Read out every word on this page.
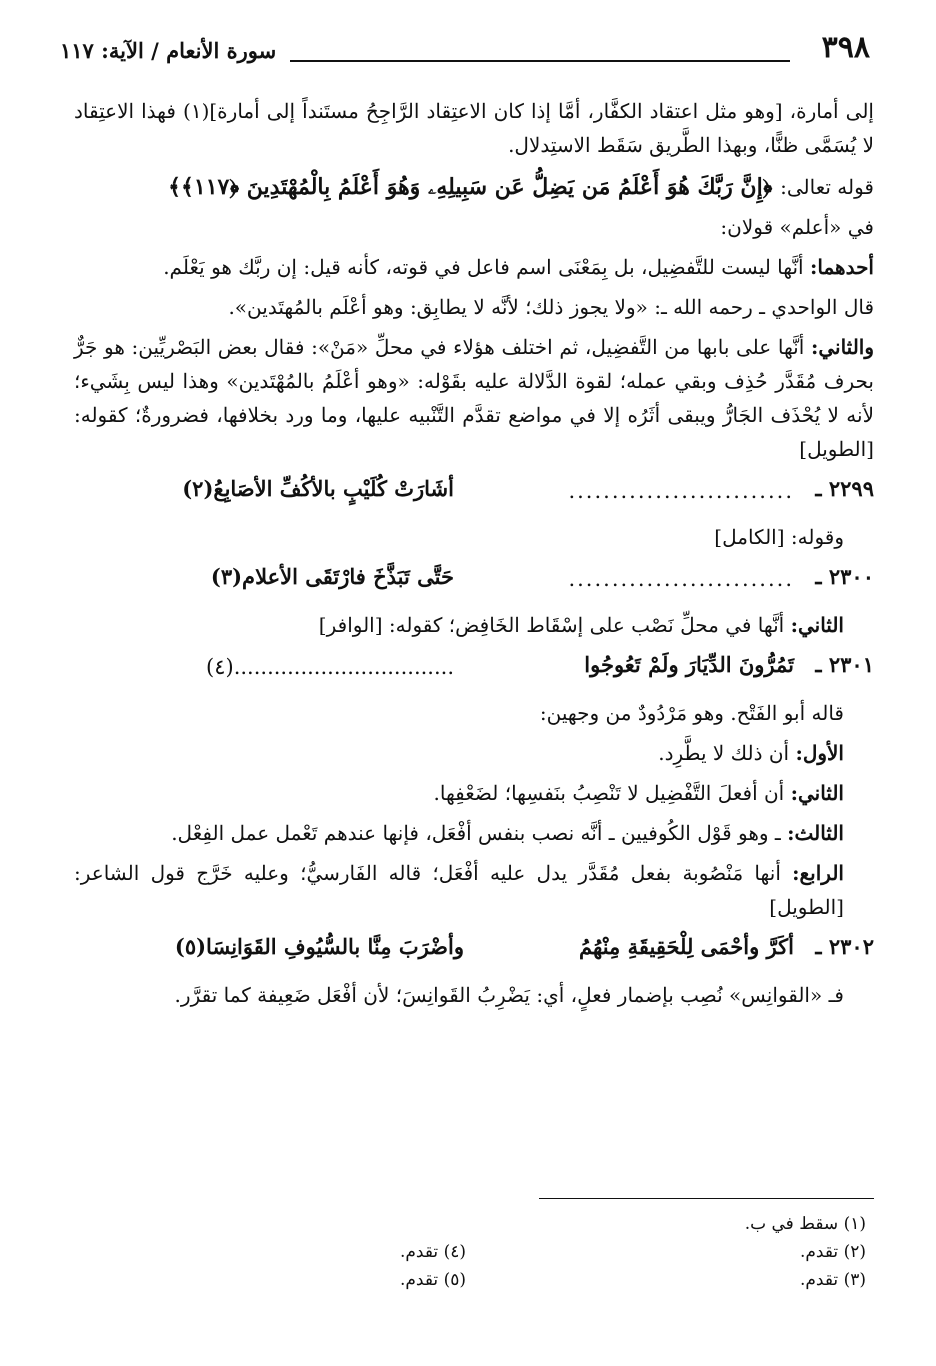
٣٩٨
سورة الأنعام / الآية: ١١٧

إلى أمارة، [وهو مثل اعتقاد الكفَّار، أمَّا إذا كان الاعتِقاد الرَّاجِحُ مستَنداً إلى أمارة](١) فهذا الاعتِقاد لا يُسَمَّى ظنًّا، وبهذا الطَّريق سَقَط الاستِدلال.

قوله تعالى: ﴿إِنَّ رَبَّكَ هُوَ أَعْلَمُ مَن يَضِلُّ عَن سَبِيلِهِۦ وَهُوَ أَعْلَمُ بِالْمُهْتَدِينَ ﴿١١٧﴾﴾

في «أعلم» قولان:

أحدهما: أنَّها ليست للتَّفضِيل، بل بِمَعْنَى اسم فاعل في قوته، كأنه قيل: إن ربَّك هو يَعْلَم.

قال الواحدي ـ رحمه الله ـ: «ولا يجوز ذلك؛ لأنَّه لا يطابِق: وهو أعْلَم بالمُهتَدين».

والثاني: أنَّها على بابها من التَّفضِيل، ثم اختلف هؤلاء في محلِّ «مَنْ»: فقال بعض البَصْريِّين: هو جَرٌّ بحرف مُقَدَّر حُذِف وبقي عمله؛ لقوة الدَّلالة عليه بقَوْله: «وهو أعْلَمُ بالمُهْتَدين» وهذا ليس بِشَيء؛ لأنه لا يُحْذَف الجَارُّ ويبقى أثَرُه إلا في مواضع تقدَّم التَّنْبيه عليها، وما ورد بخلافها، فضرورةٌ؛ كقوله: [الطويل]

٢٢٩٩ ـ
..........................
أشَارَتْ كُلَيْبٍ بالأكُفِّ الأصَابِعُ(٢)

وقوله: [الكامل]

٢٣٠٠ ـ
..........................
حَتَّى تَبَذَّخَ فارْتَقَى الأعلام(٣)

الثاني: أنَّها في محلِّ نَصْب على إسْقَاط الخَافِض؛ كقوله: [الوافر]

٢٣٠١ ـ
تَمُرُّونَ الدِّيَارَ ولَمْ تَعُوجُوا
.................................(٤)

قاله أبو الفَتْح. وهو مَرْدُودٌ من وجهين:

الأول: أن ذلك لا يطَّرِد.

الثاني: أن أفعلَ التَّفْضِيل لا تَنْصِبُ بنَفسِها؛ لضَعْفِها.

الثالث: ـ وهو قَوْل الكُوفيين ـ أنَّه نصب بنفس أفْعَل، فإنها عندهم تَعْمل عمل الفِعْل.

الرابع: أنها مَنْصُوبة بفعل مُقَدَّر يدل عليه أفْعَل؛ قاله الفَارسيُّ؛ وعليه خَرَّج قول الشاعر: [الطويل]

٢٣٠٢ ـ
أكَرَّ وأحْمَى لِلْحَقِيقَةِ مِنْهُمُ
وأضْرَبَ مِنَّا بالسُّيُوفِ القَوَانِسَا(٥)

فـ «القوانِس» نُصِب بإضمار فعلٍ، أي: يَضْرِبُ القَوانِسَ؛ لأن أفْعَل ضَعِيفة كما تقرَّر.

(١) سقط في ب.
(٢) تقدم.
(٣) تقدم.
(٤) تقدم.
(٥) تقدم.
